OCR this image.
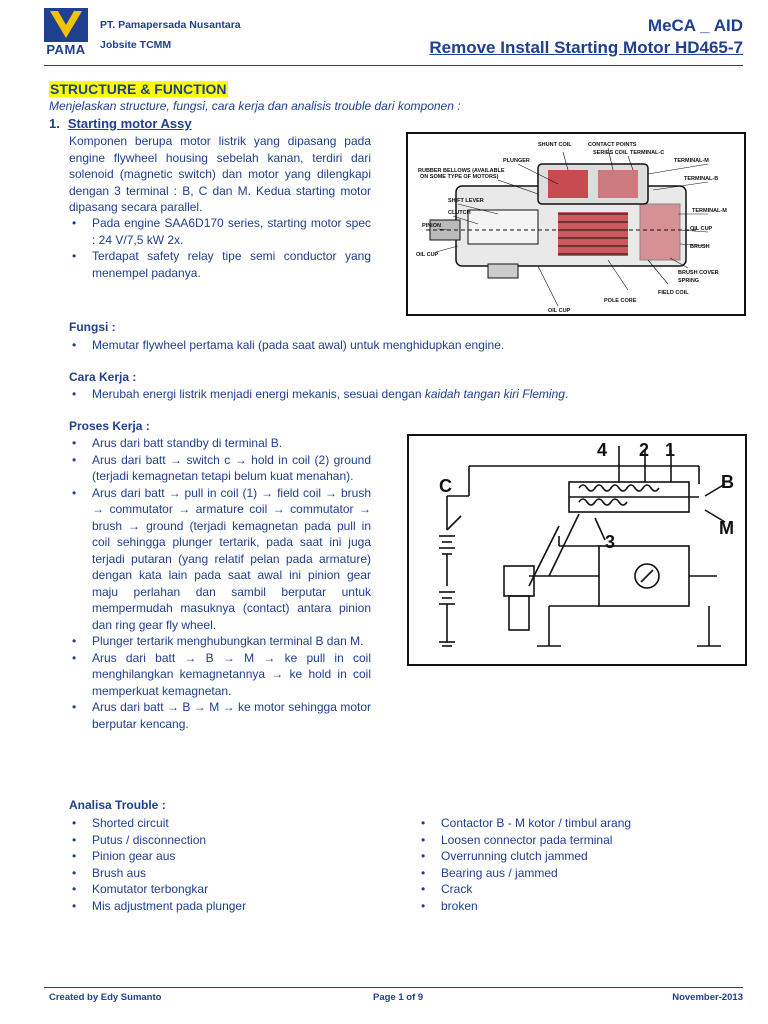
PAMA
PT. Pamapersada Nusantara
Jobsite TCMM
MeCA _ AID
Remove Install Starting Motor HD465-7
STRUCTURE & FUNCTION
Menjelaskan structure, fungsi, cara kerja dan analisis trouble dari komponen :
1. Starting motor Assy
Komponen berupa motor listrik yang dipasang pada engine flywheel housing sebelah kanan, terdiri dari solenoid (magnetic switch) dan motor yang dilengkapi dengan 3 terminal : B, C dan M. Kedua starting motor dipasang secara parallel.
• Pada engine SAA6D170 series, starting motor spec : 24 V/7,5 kW 2x.
• Terdapat safety relay tipe semi conductor yang menempel padanya.
SHUNT COIL	CONTACT POINTS
SERIES COIL TERMINAL-C
PLUNGER	TERMINAL-M
RUBBER BELLOWS (AVAILABLE
ON SOME TYPE OF MOTORS)	TERMINAL-B
SHIFT LEVER
CLUTCH	TERMINAL-M
PINION	OIL CUP
BRUSH
OIL CUP
BRUSH COVER
SPRING
FIELD COIL
POLE CORE
OIL CUP
Fungsi :
• Memutar flywheel pertama kali (pada saat awal) untuk menghidupkan engine.
Cara Kerja :
• Merubah energi listrik menjadi energi mekanis, sesuai dengan kaidah tangan kiri Fleming.
Proses Kerja :
• Arus dari batt standby di terminal B.
• Arus dari batt → switch c → hold in coil (2) ground (terjadi kemagnetan tetapi belum kuat menahan).
• Arus dari batt → pull in coil (1) → field coil → brush → commutator → armature coil → commutator → brush → ground (terjadi kemagnetan pada pull in coil sehingga plunger tertarik, pada saat ini juga terjadi putaran (yang relatif pelan pada armature) dengan kata lain pada saat awal ini pinion gear maju perlahan dan sambil berputar untuk mempermudah masuknya (contact) antara pinion dan ring gear fly wheel.
• Plunger tertarik menghubungkan terminal B dan M.
• Arus dari batt → B → M → ke pull in coil menghilangkan kemagnetannya → ke hold in coil memperkuat kemagnetan.
• Arus dari batt → B → M → ke motor sehingga motor berputar kencang.
4 2 1
C	B
M
3
Analisa Trouble :
• Shorted circuit
• Putus / disconnection
• Pinion gear aus
• Brush aus
• Komutator terbongkar
• Mis adjustment pada plunger
• Contactor B - M kotor / timbul arang
• Loosen connector pada terminal
• Overrunning clutch jammed
• Bearing aus / jammed
• Crack
• broken
Created by Edy Sumanto	Page 1 of 9	November-2013
